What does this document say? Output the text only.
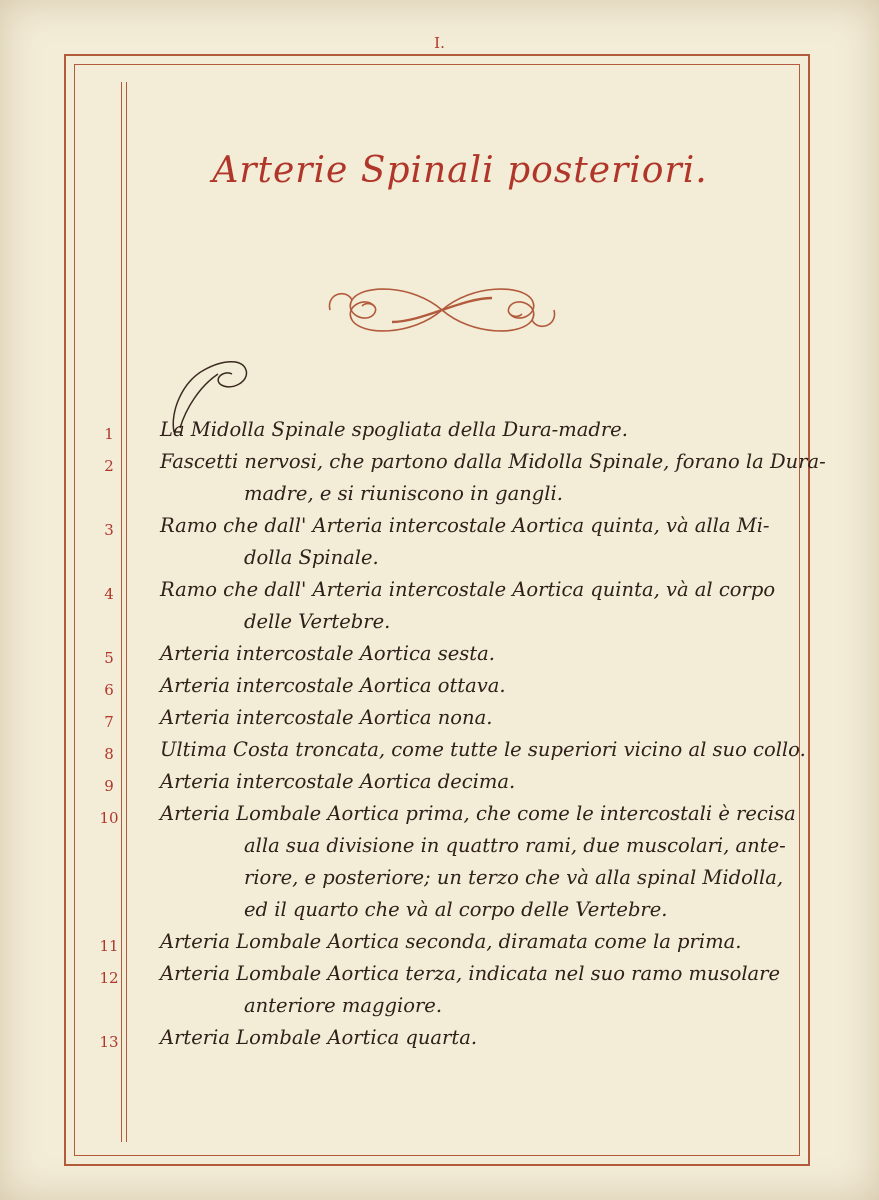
I.
Arterie Spinali posteriori.
1	La Midolla Spinale spogliata della Dura-madre.
2	Fascetti nervosi, che partono dalla Midolla Spinale, forano la Dura-
madre, e si riuniscono in gangli.
3	Ramo che dall' Arteria intercostale Aortica quinta, và alla Mi-
dolla Spinale.
4	Ramo che dall' Arteria intercostale Aortica quinta, và al corpo
delle Vertebre.
5	Arteria intercostale Aortica sesta.
6	Arteria intercostale Aortica ottava.
7	Arteria intercostale Aortica nona.
8	Ultima Costa troncata, come tutte le superiori vicino al suo collo.
9	Arteria intercostale Aortica decima.
10 Arteria Lombale Aortica prima, che come le intercostali è recisa
alla sua divisione in quattro rami, due muscolari, ante-
riore, e posteriore; un terzo che và alla spinal Midolla,
ed il quarto che và al corpo delle Vertebre.
11 Arteria Lombale Aortica seconda, diramata come la prima.
12 Arteria Lombale Aortica terza, indicata nel suo ramo musolare
anteriore maggiore.
13 Arteria Lombale Aortica quarta.
